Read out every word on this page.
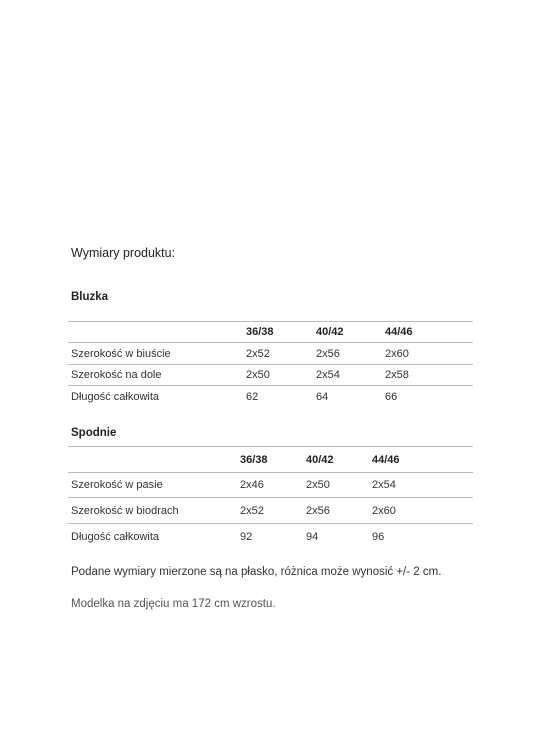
Wymiary produktu:
Bluzka
	36/38	40/42	44/46
Szerokość w biuście	2x52	2x56	2x60
Szerokość na dole	2x50	2x54	2x58
Długość całkowita	62	64	66
Spodnie
	36/38	40/42	44/46
Szerokość w pasie	2x46	2x50	2x54
Szerokość w biodrach	2x52	2x56	2x60
Długość całkowita	92	94	96
Podane wymiary mierzone są na płasko, różnica może wynosić +/- 2 cm.
Modelka na zdjęciu ma 172 cm wzrostu.
